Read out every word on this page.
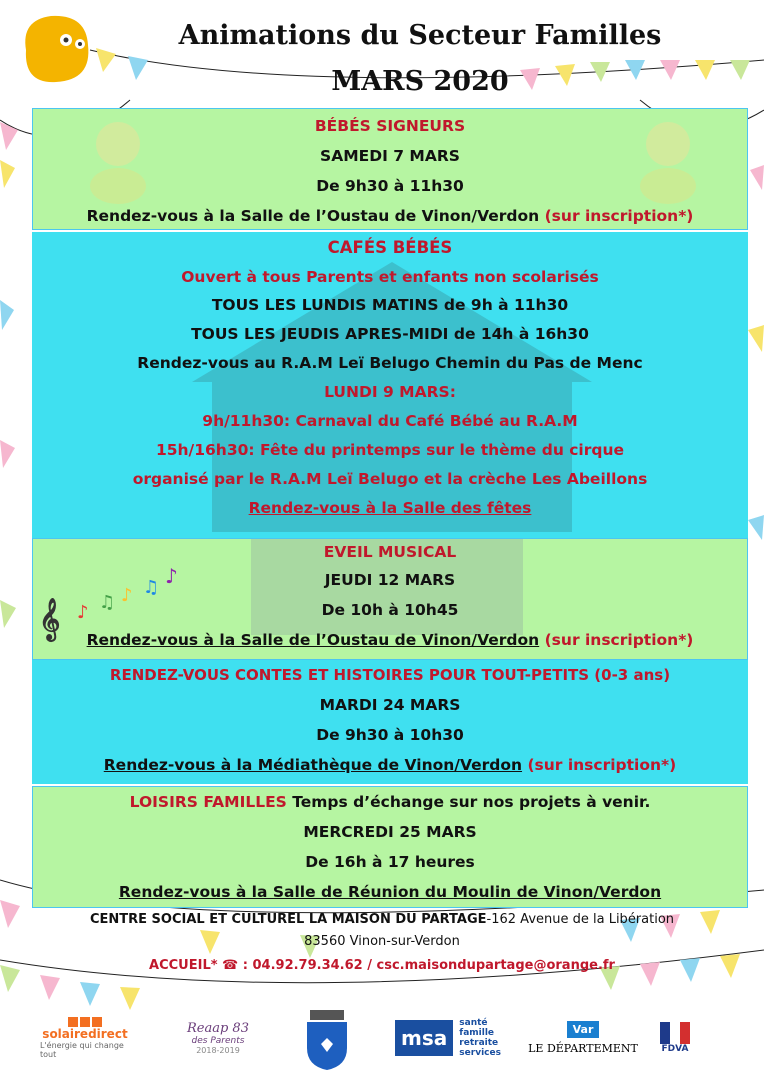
Animations du Secteur Familles
MARS 2020
BÉBÉS SIGNEURS
SAMEDI 7 MARS
De 9h30 à 11h30
Rendez-vous à la Salle de l’Oustau de Vinon/Verdon (sur inscription*)
CAFÉS BÉBÉS
Ouvert à tous Parents et enfants non scolarisés
TOUS LES LUNDIS MATINS de 9h à 11h30
TOUS LES JEUDIS APRES-MIDI de 14h à 16h30
Rendez-vous au R.A.M Leï Belugo Chemin du Pas de Menc
LUNDI 9 MARS:
9h/11h30: Carnaval du Café Bébé au R.A.M
15h/16h30: Fête du printemps sur le thème du cirque
organisé par le R.A.M Leï Belugo et la crèche Les Abeillons
Rendez-vous à la Salle des fêtes
𝄞 ♪ ♫ ♪ ♫ ♪
EVEIL MUSICAL
JEUDI 12 MARS
De 10h à 10h45
Rendez-vous à la Salle de l’Oustau de Vinon/Verdon (sur inscription*)
RENDEZ-VOUS CONTES ET HISTOIRES POUR TOUT-PETITS (0-3 ans)
MARDI 24 MARS
De 9h30 à 10h30
Rendez-vous à la Médiathèque de Vinon/Verdon (sur inscription*)
LOISIRS FAMILLES Temps d’échange sur nos projets à venir.
MERCREDI 25 MARS
De 16h à 17 heures
Rendez-vous à la Salle de Réunion du Moulin de Vinon/Verdon
CENTRE SOCIAL ET CULTUREL LA MAISON DU PARTAGE-162 Avenue de la Libération
83560 Vinon-sur-Verdon
ACCUEIL* ☎ : 04.92.79.34.62 / csc.maisondupartage@orange.fr
solairedirect
L'énergie qui change tout
Reaap 83
des Parents
2018-2019
msa
santé famille retraite services
Var
LE DÉPARTEMENT	FDVA
